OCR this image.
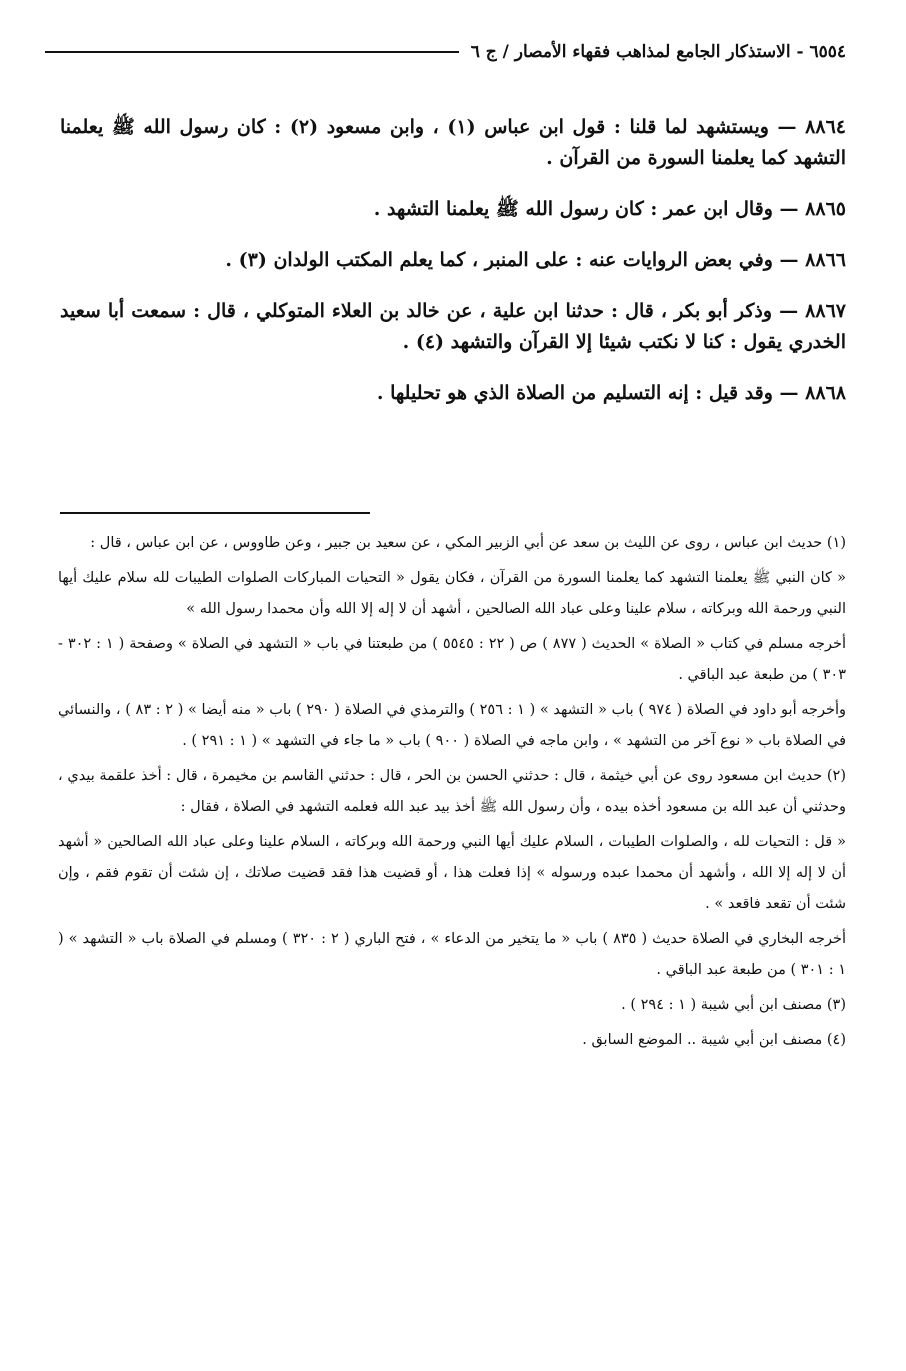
٦٥٥٤ - الاستذكار الجامع لمذاهب فقهاء الأمصار / ج ٦

٨٨٦٤ — ويستشهد لما قلنا : قول ابن عباس (١) ، وابن مسعود (٢) : كان رسول الله ﷺ يعلمنا التشهد كما يعلمنا السورة من القرآن .

٨٨٦٥ — وقال ابن عمر : كان رسول الله ﷺ يعلمنا التشهد .

٨٨٦٦ — وفي بعض الروايات عنه : على المنبر ، كما يعلم المكتب الولدان (٣) .

٨٨٦٧ — وذكر أبو بكر ، قال : حدثنا ابن علية ، عن خالد بن العلاء المتوكلي ، قال : سمعت أبا سعيد الخدري يقول : كنا لا نكتب شيئا إلا القرآن والتشهد (٤) .

٨٨٦٨ — وقد قيل : إنه التسليم من الصلاة الذي هو تحليلها .

(١) حديث ابن عباس ، روى عن الليث بن سعد عن أبي الزبير المكي ، عن سعيد بن جبير ، وعن طاووس ، عن ابن عباس ، قال :

« كان النبي ﷺ يعلمنا التشهد كما يعلمنا السورة من القرآن ، فكان يقول « التحيات المباركات الصلوات الطيبات لله سلام عليك أيها النبي ورحمة الله وبركاته ، سلام علينا وعلى عباد الله الصالحين ، أشهد أن لا إله إلا الله وأن محمدا رسول الله »

أخرجه مسلم في كتاب « الصلاة » الحديث ( ٨٧٧ ) ص ( ٢٢ : ٥٥٤٥ ) من طبعتنا في باب « التشهد في الصلاة » وصفحة ( ١ : ٣٠٢ - ٣٠٣ ) من طبعة عبد الباقي .

وأخرجه أبو داود في الصلاة ( ٩٧٤ ) باب « التشهد » ( ١ : ٢٥٦ ) والترمذي في الصلاة ( ٢٩٠ ) باب « منه أيضا » ( ٢ : ٨٣ ) ، والنسائي في الصلاة باب « نوع آخر من التشهد » ، وابن ماجه في الصلاة ( ٩٠٠ ) باب « ما جاء في التشهد » ( ١ : ٢٩١ ) .

(٢) حديث ابن مسعود روى عن أبي خيثمة ، قال : حدثني الحسن بن الحر ، قال : حدثني القاسم بن مخيمرة ، قال : أخذ علقمة بيدي ، وحدثني أن عبد الله بن مسعود أخذه بيده ، وأن رسول الله ﷺ أخذ بيد عبد الله فعلمه التشهد في الصلاة ، فقال :

« قل : التحيات لله ، والصلوات الطيبات ، السلام عليك أيها النبي ورحمة الله وبركاته ، السلام علينا وعلى عباد الله الصالحين « أشهد أن لا إله إلا الله ، وأشهد أن محمدا عبده ورسوله » إذا فعلت هذا ، أو قضيت هذا فقد قضيت صلاتك ، إن شئت أن تقوم فقم ، وإن شئت أن تقعد فاقعد » .

أخرجه البخاري في الصلاة حديث ( ٨٣٥ ) باب « ما يتخير من الدعاء » ، فتح الباري ( ٢ : ٣٢٠ ) ومسلم في الصلاة باب « التشهد » ( ١ : ٣٠١ ) من طبعة عبد الباقي .

(٣) مصنف ابن أبي شيبة ( ١ : ٢٩٤ ) .

(٤) مصنف ابن أبي شيبة .. الموضع السابق .
